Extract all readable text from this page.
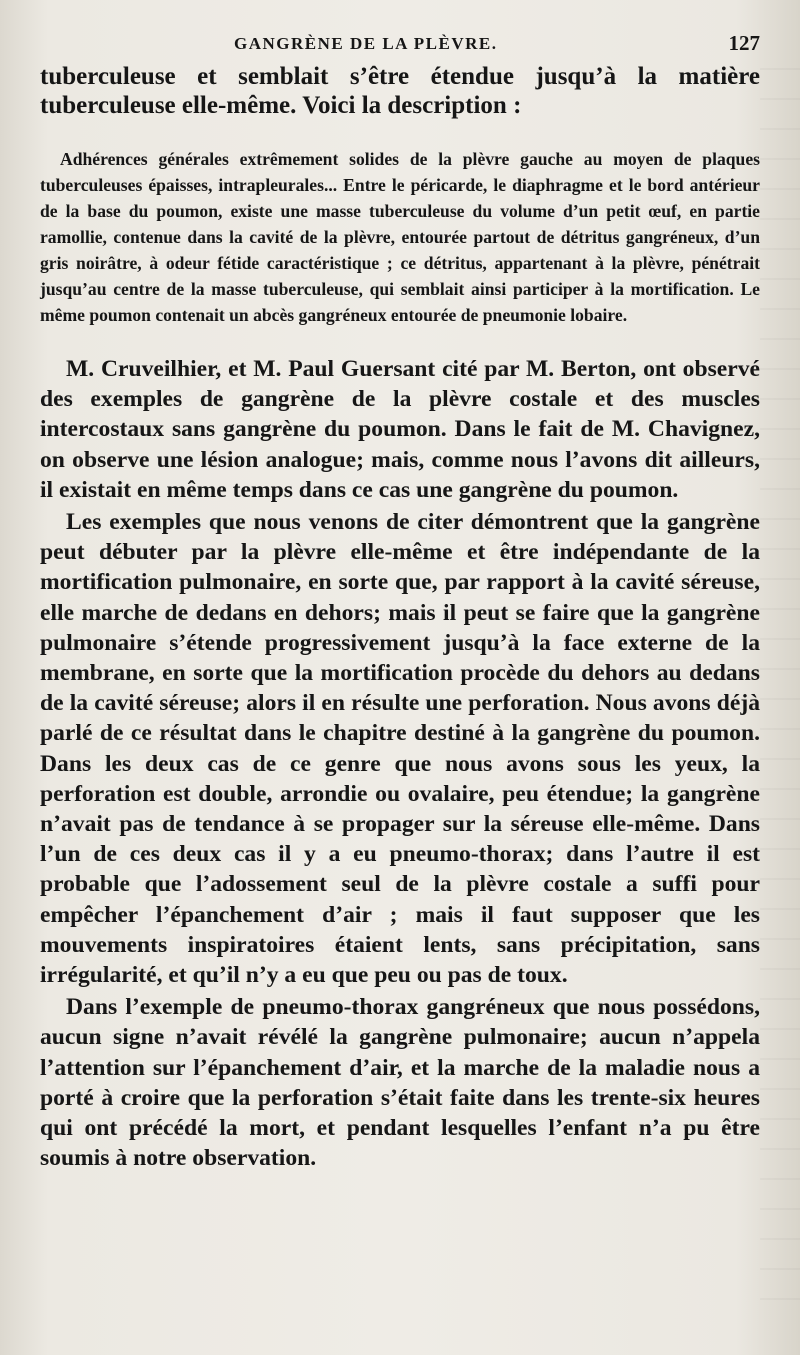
GANGRÈNE DE LA PLÈVRE.	127

tuberculeuse et semblait s’être étendue jusqu’à la matière tuberculeuse elle-même. Voici la description :

Adhérences générales extrêmement solides de la plèvre gauche au moyen de plaques tuberculeuses épaisses, intrapleurales... Entre le péricarde, le diaphragme et le bord antérieur de la base du poumon, existe une masse tuberculeuse du volume d’un petit œuf, en partie ramollie, contenue dans la cavité de la plèvre, entourée partout de détritus gangréneux, d’un gris noirâtre, à odeur fétide caractéristique ; ce détritus, appartenant à la plèvre, pénétrait jusqu’au centre de la masse tuberculeuse, qui semblait ainsi participer à la mortification. Le même poumon contenait un abcès gangréneux entourée de pneumonie lobaire.

M. Cruveilhier, et M. Paul Guersant cité par M. Berton, ont observé des exemples de gangrène de la plèvre costale et des muscles intercostaux sans gangrène du poumon. Dans le fait de M. Chavignez, on observe une lésion analogue; mais, comme nous l’avons dit ailleurs, il existait en même temps dans ce cas une gangrène du poumon.

Les exemples que nous venons de citer démontrent que la gangrène peut débuter par la plèvre elle-même et être indépendante de la mortification pulmonaire, en sorte que, par rapport à la cavité séreuse, elle marche de dedans en dehors; mais il peut se faire que la gangrène pulmonaire s’étende progressivement jusqu’à la face externe de la membrane, en sorte que la mortification procède du dehors au dedans de la cavité séreuse; alors il en résulte une perforation. Nous avons déjà parlé de ce résultat dans le chapitre destiné à la gangrène du poumon. Dans les deux cas de ce genre que nous avons sous les yeux, la perforation est double, arrondie ou ovalaire, peu étendue; la gangrène n’avait pas de tendance à se propager sur la séreuse elle-même. Dans l’un de ces deux cas il y a eu pneumo-thorax; dans l’autre il est probable que l’adossement seul de la plèvre costale a suffi pour empêcher l’épanchement d’air ; mais il faut supposer que les mouvements inspiratoires étaient lents, sans précipitation, sans irrégularité, et qu’il n’y a eu que peu ou pas de toux.

Dans l’exemple de pneumo-thorax gangréneux que nous possédons, aucun signe n’avait révélé la gangrène pulmonaire; aucun n’appela l’attention sur l’épanchement d’air, et la marche de la maladie nous a porté à croire que la perforation s’était faite dans les trente-six heures qui ont précédé la mort, et pendant lesquelles l’enfant n’a pu être soumis à notre observation.
